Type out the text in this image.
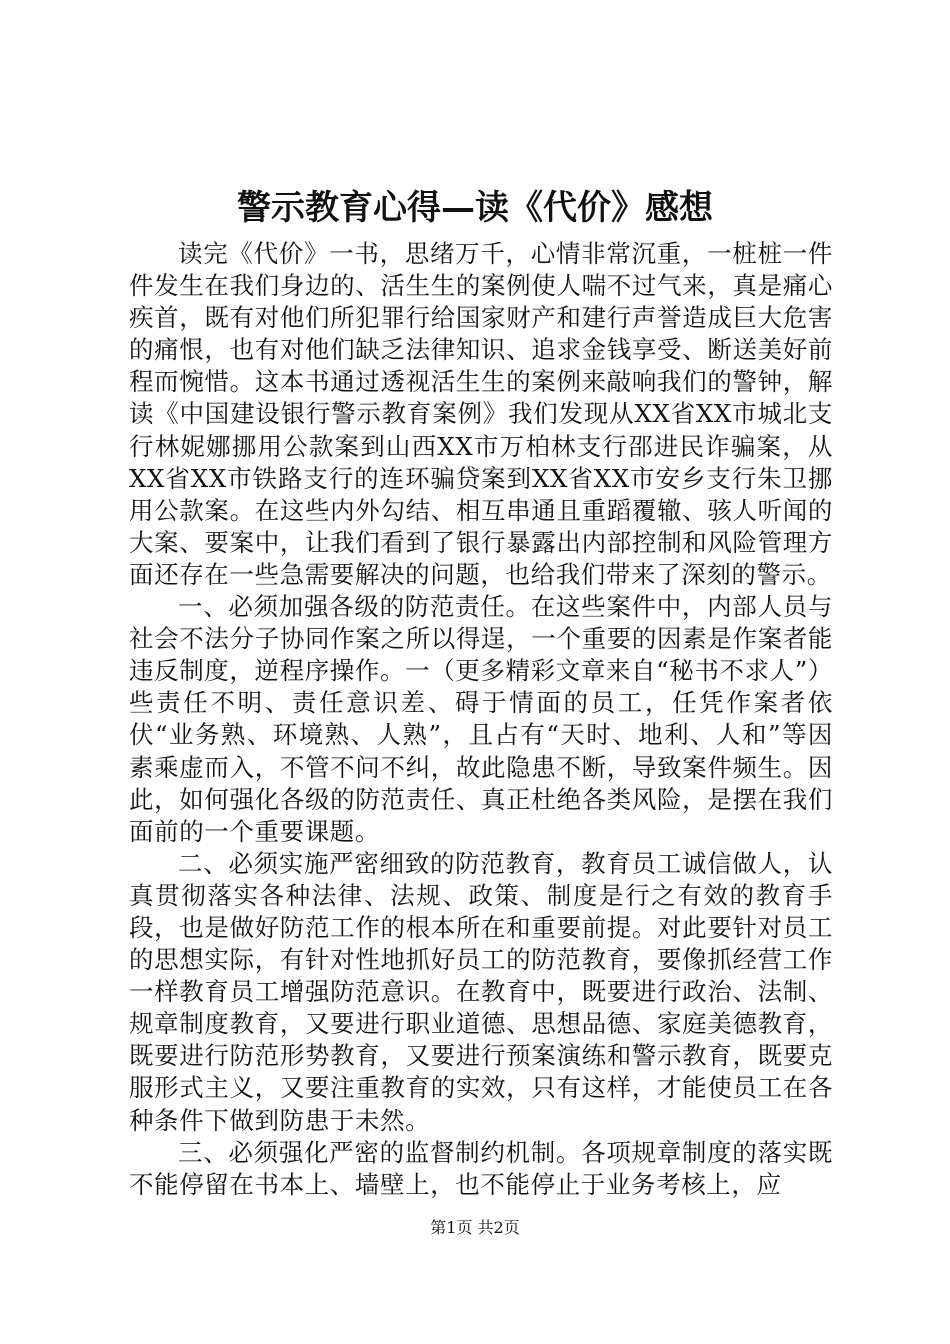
警示教育心得—读《代价》感想

读完《代价》一书，思绪万千，心情非常沉重，一桩桩一件件发生在我们身边的、活生生的案例使人喘不过气来，真是痛心疾首，既有对他们所犯罪行给国家财产和建行声誉造成巨大危害的痛恨，也有对他们缺乏法律知识、追求金钱享受、断送美好前程而惋惜。这本书通过透视活生生的案例来敲响我们的警钟，解读《中国建设银行警示教育案例》我们发现从XX省XX市城北支行林妮娜挪用公款案到山西XX市万柏林支行邵进民诈骗案，从XX省XX市铁路支行的连环骗贷案到XX省XX市安乡支行朱卫挪用公款案。在这些内外勾结、相互串通且重蹈覆辙、骇人听闻的大案、要案中，让我们看到了银行暴露出内部控制和风险管理方面还存在一些急需要解决的问题，也给我们带来了深刻的警示。

一、必须加强各级的防范责任。在这些案件中，内部人员与社会不法分子协同作案之所以得逞，一个重要的因素是作案者能违反制度，逆程序操作。一（更多精彩文章来自“秘书不求人”）些责任不明、责任意识差、碍于情面的员工，任凭作案者依伏“业务熟、环境熟、人熟”，且占有“天时、地利、人和”等因素乘虚而入，不管不问不纠，故此隐患不断，导致案件频生。因此，如何强化各级的防范责任、真正杜绝各类风险，是摆在我们面前的一个重要课题。

二、必须实施严密细致的防范教育，教育员工诚信做人，认真贯彻落实各种法律、法规、政策、制度是行之有效的教育手段，也是做好防范工作的根本所在和重要前提。对此要针对员工的思想实际，有针对性地抓好员工的防范教育，要像抓经营工作一样教育员工增强防范意识。在教育中，既要进行政治、法制、规章制度教育，又要进行职业道德、思想品德、家庭美德教育，既要进行防范形势教育，又要进行预案演练和警示教育，既要克服形式主义，又要注重教育的实效，只有这样，才能使员工在各种条件下做到防患于未然。

三、必须强化严密的监督制约机制。各项规章制度的落实既不能停留在书本上、墙壁上，也不能停止于业务考核上，应

第1页 共2页
